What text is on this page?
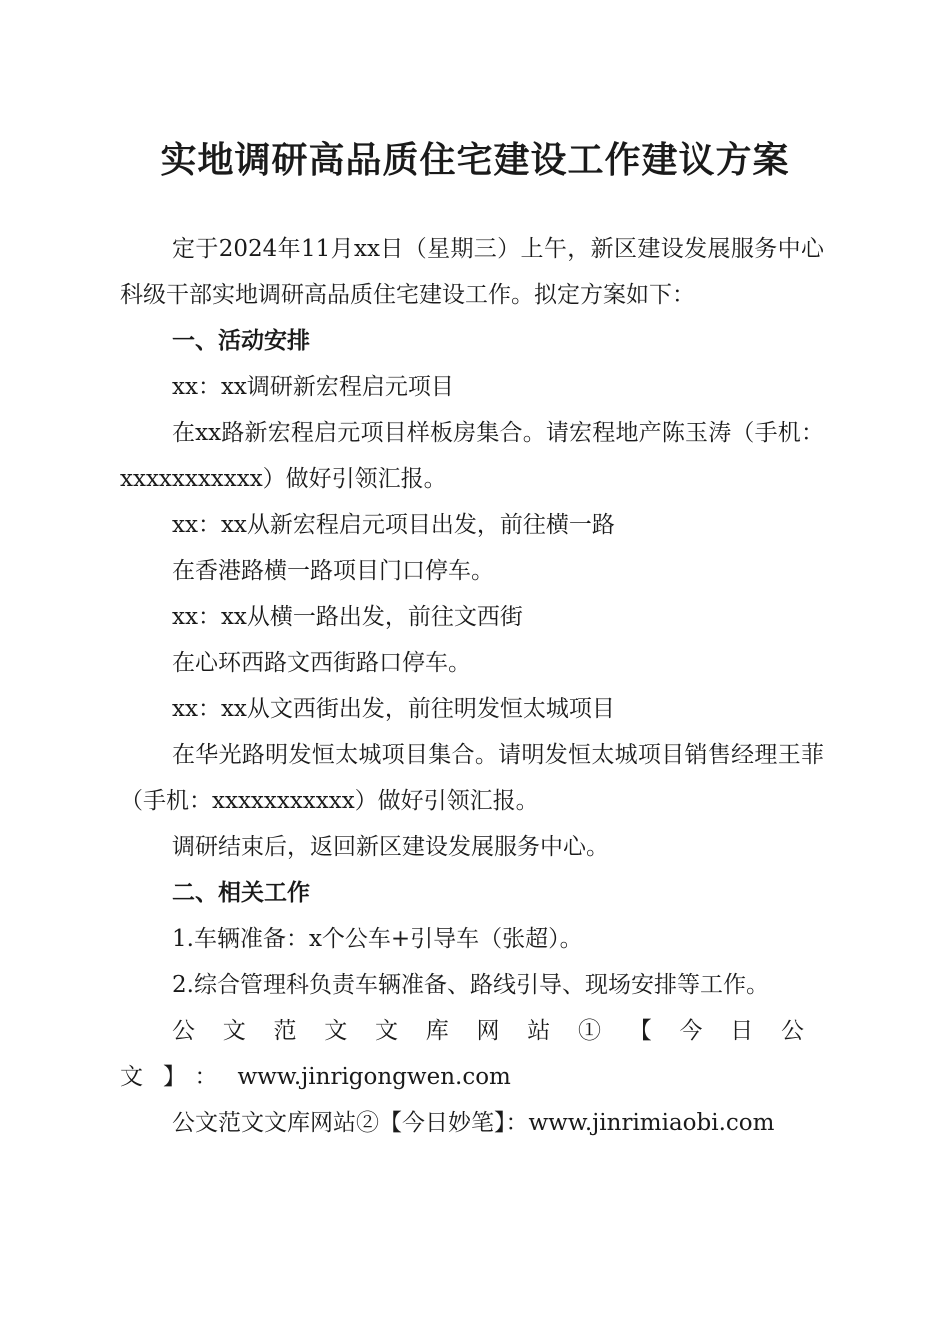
实地调研高品质住宅建设工作建议方案

定于2024年11月xx日（星期三）上午，新区建设发展服务中心科级干部实地调研高品质住宅建设工作。拟定方案如下：

一、活动安排

xx：xx调研新宏程启元项目

在xx路新宏程启元项目样板房集合。请宏程地产陈玉涛（手机：xxxxxxxxxxx）做好引领汇报。

xx：xx从新宏程启元项目出发，前往横一路

在香港路横一路项目门口停车。

xx：xx从横一路出发，前往文西街

在心环西路文西街路口停车。

xx：xx从文西街出发，前往明发恒太城项目

在华光路明发恒太城项目集合。请明发恒太城项目销售经理王菲（手机：xxxxxxxxxxx）做好引领汇报。

调研结束后，返回新区建设发展服务中心。

二、相关工作

1.车辆准备：x个公车+引导车（张超）。

2.综合管理科负责车辆准备、路线引导、现场安排等工作。

公文范文文库网站①【今日公文】：www.jinrigongwen.com

公文范文文库网站②【今日妙笔】：www.jinrimiaobi.com
